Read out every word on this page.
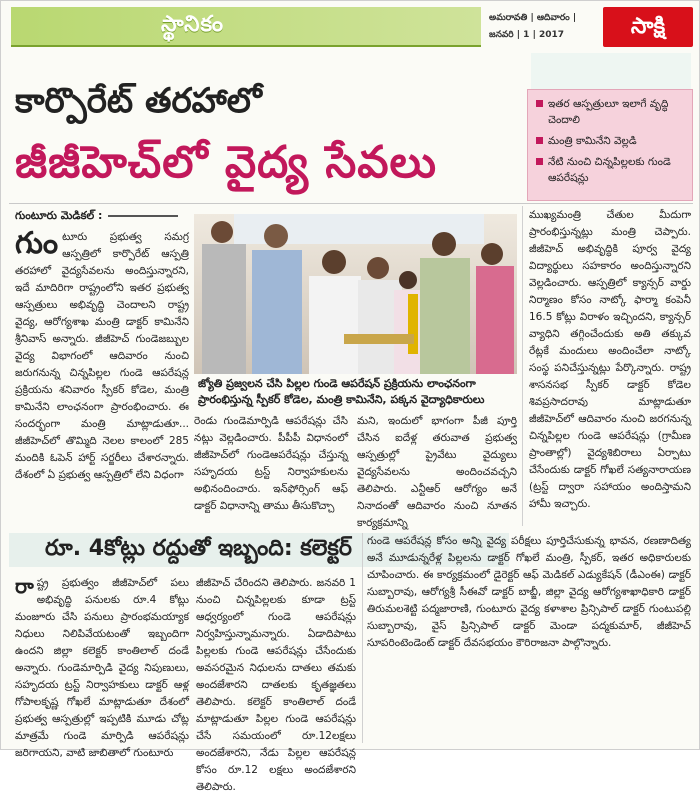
స్థానికం	అమరావతి | ఆదివారం |
జనవరి | 1 | 2017	సాక్షి
కార్పొరేట్ తరహాలో
జీజీహెచ్‌లో వైద్య సేవలు
ఇతర ఆస్పత్రులూ ఇలాగే వృద్ధి చెందాలి
మంత్రి కామినేని వెల్లడి
నేటి నుంచి చిన్నపిల్లలకు గుండె ఆపరేషన్లు
గుంటూరు మెడికల్ :
గుంటూరు ప్రభుత్వ సమగ్ర ఆస్పత్రిలో కార్పొరేట్ ఆస్పత్రి తరహాలో వైద్యసేవలను అందిస్తున్నారని, ఇదే మాదిరిగా రాష్ట్రంలోని ఇతర ప్రభుత్వ ఆస్పత్రులు అభివృద్ధి చెందాలని రాష్ట్ర వైద్య, ఆరోగ్యశాఖ మంత్రి డాక్టర్ కామినేని శ్రీనివాస్ అన్నారు. జీజీహెచ్ గుండెజబ్బుల వైద్య విభాగంలో ఆదివారం నుంచి జరుగనున్న చిన్నపిల్లల గుండె ఆపరేషన్ల ప్రక్రియను శనివారం స్పీకర్ కోడెల, మంత్రి కామినేని లాంఛనంగా ప్రారంభించారు. ఈ సందర్భంగా మంత్రి మాట్లాడుతూ... జీజీహెచ్‌లో తొమ్మిది నెలల కాలంలో 285 మందికి ఓపెన్ హార్ట్ సర్జరీలు చేశారన్నారు. దేశంలో ఏ ప్రభుత్వ ఆస్పత్రిలో లేని విధంగా
జ్యోతి ప్రజ్వలన చేసి పిల్లల గుండె ఆపరేషన్ ప్రక్రియను లాంఛనంగా ప్రారంభిస్తున్న స్పీకర్ కోడెల, మంత్రి కామినేని, పక్కన వైద్యాధికారులు
రెండు గుండెమార్పిడి ఆపరేషన్లు చేసి నట్లు వెల్లడించారు. పీపీపీ విధానంలో జీజీహెచ్‌లో గుండెఆపరేషన్లు చేస్తున్న సహృదయ ట్రస్ట్ నిర్వాహకులను అభినందించారు. ఇన్‌ఫోర్సింగ్ ఆఫ్ డాక్టర్ విధానాన్ని తాము తీసుకొచ్చా
మని, ఇందులో భాగంగా పీజీ పూర్తి చేసిన ఐదేళ్ల తరువాత ప్రభుత్వ ఆస్పత్రుల్లో ప్రైవేటు వైద్యులు వైద్యసేవలను అందించవచ్చని తెలిపారు. ఎన్టీఆర్ ఆరోగ్యం అనే నినాదంతో ఆదివారం నుంచి నూతన కార్యక్రమాన్ని
ముఖ్యమంత్రి చేతుల మీదుగా ప్రారంభిస్తున్నట్లు మంత్రి చెప్పారు. జీజీహెచ్ అభివృద్ధికి పూర్వ వైద్య విద్యార్థులు సహకారం అందిస్తున్నారని వెల్లడించారు. ఆస్పత్రిలో క్యాన్సర్ వార్డు నిర్మాణం కోసం నాట్కో ఫార్మా కంపెనీ 16.5 కోట్లు విరాళం ఇచ్చిందని, క్యాన్సర్ వ్యాధిని తగ్గించేందుకు అతి తక్కువ రేట్లకే మందులు అందించేలా నాట్కో సంస్థ పనిచేస్తున్నట్లు పేర్కొన్నారు. రాష్ట్ర శాసనసభ స్పీకర్ డాక్టర్ కోడెల శివప్రసాదరావు మాట్లాడుతూ జీజీహెచ్‌లో ఆదివారం నుంచి జరగనున్న చిన్నపిల్లల గుండె ఆపరేషన్లు (గ్రామీణ ప్రాంతాల్లో) వైద్యశిబిరాలు ఏర్పాటు చేసేందుకు డాక్టర్ గోఖలే సత్యనారాయణ (ట్రస్ట్ ద్వారా సహాయం అందిస్తామని హామీ ఇచ్చారు.
రూ. 4కోట్లు రద్దుతో ఇబ్బంది: కలెక్టర్
రాష్ట్ర ప్రభుత్వం జీజీహెచ్‌లో పలు అభివృద్ధి పనులకు రూ.4 కోట్లు మంజూరు చేసి పనులు ప్రారంభమయ్యాక నిధులు నిలిపివేయటంతో ఇబ్బందిగా ఉందని జిల్లా కలెక్టర్ కాంతిలాల్ దండే అన్నారు. గుండెమార్పిడి వైద్య నిపుణులు, సహృదయ ట్రస్ట్ నిర్వాహకులు డాక్టర్ ఆళ్ల గోపాలకృష్ణ గోఖలే మాట్లాడుతూ దేశంలో ప్రభుత్వ ఆస్పత్రుల్లో ఇప్పటికి మూడు చోట్ల మాత్రమే గుండె మార్పిడి ఆపరేషన్లు జరిగాయని, వాటి జాబితాలో గుంటూరు
జీజీహెచ్ చేరిందని తెలిపారు. జనవరి 1 నుంచి చిన్నపిల్లలకు కూడా ట్రస్ట్ ఆధ్వర్యంలో గుండె ఆపరేషన్లు నిర్వహిస్తున్నామన్నారు. ఏడాదిపాటు పిల్లలకు గుండె ఆపరేషన్లు చేసేందుకు అవసరమైన నిధులను దాతలు తమకు అందజేశారని దాతలకు కృతజ్ఞతలు తెలిపారు. కలెక్టర్ కాంతిలాల్ దండే మాట్లాడుతూ పిల్లల గుండె ఆపరేషన్లు చేసే సమయంలో రూ.12లక్షలు అందజేశారని, నేడు పిల్లల ఆపరేషన్ల కోసం రూ.12 లక్షలు అందజేశారని తెలిపారు.
గుండె ఆపరేషన్ల కోసం అన్ని వైద్య పరీక్షలు పూర్తిచేసుకున్న భావన, రణణాదిత్య అనే మూడున్నరేళ్ల పిల్లలను డాక్టర్ గోఖలే మంత్రి, స్పీకర్, ఇతర అధికారులకు చూపించారు. ఈ కార్యక్రమంలో డైరెక్టర్ ఆఫ్ మెడికల్ ఎడ్యుకేషన్ (డీఎంఈ) డాక్టర్ సుబ్బారావు, ఆరోగ్యశ్రీ సీఈవో డాక్టర్ బాబ్జీ, జిల్లా వైద్య ఆరోగ్యశాఖాధికారి డాక్టర్ తిరుమలశెట్టి పద్మజారాణి, గుంటూరు వైద్య కళాశాల ప్రిన్సిపాల్ డాక్టర్ గుంటుపల్లి సుబ్బారావు, వైస్ ప్రిన్సిపాల్ డాక్టర్ మెండా పద్మకుమార్, జీజీహెచ్ సూపరింటెండెంట్ డాక్టర్ దేవసభయం కౌరిరాజనా పాల్గొన్నారు.
